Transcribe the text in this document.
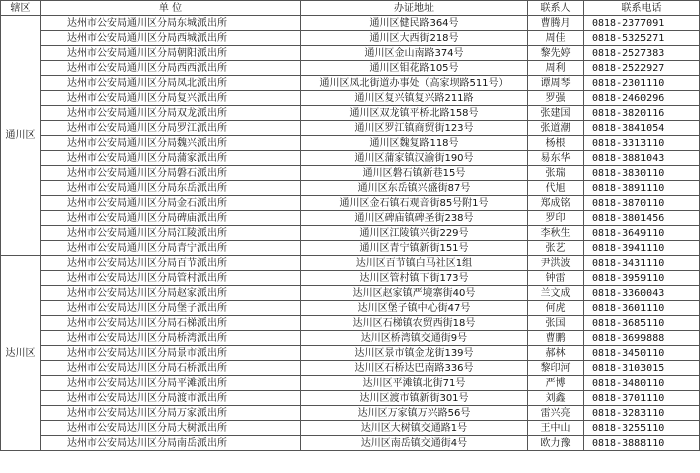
辖区	单 位	办证地址	联系人	联系电话
通川区	达州市公安局通川区分局东城派出所	通川区健民路364号	曹腾月	0818-2377091
	达州市公安局通川区分局西城派出所	通川区大西街218号	周佳	0818-5325271
	达州市公安局通川区分局朝阳派出所	通川区金山南路374号	黎先婷	0818-2527383
	达州市公安局通川区分局西西派出所	通川区钼花路105号	周利	0818-2522927
	达州市公安局通川区分局凤北派出所	通川区凤北街道办事处（高家坝路511号）	谭周琴	0818-2301110
	达州市公安局通川区分局复兴派出所	通川区复兴镇复兴路211路	罗强	0818-2460296
	达州市公安局通川区分局双龙派出所	通川区双龙镇平桥北路158号	张建国	0818-3820116
	达州市公安局通川区分局罗江派出所	通川区罗江镇商贸街123号	张道潮	0818-3841054
	达州市公安局通川区分局魏兴派出所	通川区魏复路118号	杨根	0818-3313110
	达州市公安局通川区分局蒲家派出所	通川区蒲家镇汉渝街190号	易东华	0818-3881043
	达州市公安局通川区分局磐石派出所	通川区磐石镇新巷15号	张瑞	0818-3830110
	达州市公安局通川区分局东岳派出所	通川区东岳镇兴盛街87号	代旭	0818-3891110
	达州市公安局通川区分局金石派出所	通川区金石镇石观音街85号附1号	郑成铭	0818-3870110
	达州市公安局通川区分局碑庙派出所	通川区碑庙镇碑圣街238号	罗印	0818-3801456
	达州市公安局通川区分局江陵派出所	通川区江陵镇兴街229号	李秋生	0818-3649110
	达州市公安局通川区分局青宁派出所	通川区青宁镇新街151号	张艺	0818-3941110
达川区	达州市公安局达川区分局百节派出所	达川区百节镇白马社区1组	尹洪波	0818-3431110
	达州市公安局达川区分局管村派出所	达川区管村镇下街173号	钟雷	0818-3959110
	达州市公安局达川区分局赵家派出所	达川区赵家镇严境寨街40号	兰文成	0818-3360043
	达州市公安局达川区分局堡子派出所	达川区堡子镇中心街47号	何虎	0818-3601110
	达州市公安局达川区分局石梯派出所	达川区石梯镇农贸西街18号	张国	0818-3685110
	达州市公安局达川区分局桥湾派出所	达川区桥湾镇交通街9号	曹鹏	0818-3699888
	达州市公安局达川区分局景市派出所	达川区景市镇金龙街139号	郝林	0818-3450110
	达州市公安局达川区分局石桥派出所	达川区石桥达巴南路336号	黎印河	0818-3103015
	达州市公安局达川区分局平滩派出所	达川区平滩镇北街71号	严博	0818-3480110
	达州市公安局达川区分局渡市派出所	达川区渡市镇新街301号	刘鑫	0818-3701110
	达州市公安局达川区分局万家派出所	达川区万家镇万兴路56号	雷兴亮	0818-3283110
	达州市公安局达川区分局大树派出所	达川区大树镇交通路1号	王中山	0818-3255110
	达州市公安局达川区分局南岳派出所	达川区南岳镇交通街4号	欧力豫	0818-3888110
